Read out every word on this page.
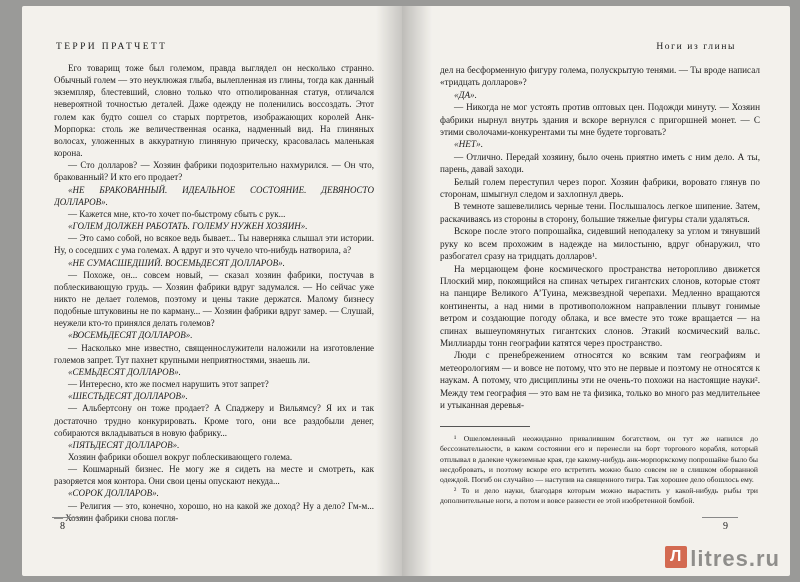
ТЕРРИ ПРАТЧЕТТ

Его товарищ тоже был големом, правда выглядел он несколько странно. Обычный голем — это неуклюжая глыба, вылепленная из глины, тогда как данный экземпляр, блестевший, словно только что отполированная статуя, отличался невероятной точностью деталей. Даже одежду не поленились воссоздать. Этот голем как будто сошел со старых портретов, изображающих королей Анк-Морпорка: столь же величественная осанка, надменный вид. На глиняных волосах, уложенных в аккуратную глиняную прическу, красовалась маленькая корона.

— Сто долларов? — Хозяин фабрики подозрительно нахмурился. — Он что, бракованный? И кто его продает?

«НЕ БРАКОВАННЫЙ. ИДЕАЛЬНОЕ СОСТОЯНИЕ. ДЕВЯНОСТО ДОЛЛАРОВ».

— Кажется мне, кто-то хочет по-быстрому сбыть с рук...

«ГОЛЕМ ДОЛЖЕН РАБОТАТЬ. ГОЛЕМУ НУЖЕН ХОЗЯИН».

— Это само собой, но всякое ведь бывает... Ты наверняка слышал эти истории. Ну, о соседших с ума големах. А вдруг и это чучело что-нибудь натворила, а?

«НЕ СУМАСШЕДШИЙ. ВОСЕМЬДЕСЯТ ДОЛЛАРОВ».

— Похоже, он... совсем новый, — сказал хозяин фабрики, постучав в поблескивающую грудь. — Хозяин фабрики вдруг задумался. — Но сейчас уже никто не делает големов, поэтому и цены такие держатся. Малому бизнесу подобные штуковины не по карману... — Хозяин фабрики вдруг замер. — Слушай, неужели кто-то принялся делать големов?

«ВОСЕМЬДЕСЯТ ДОЛЛАРОВ».

— Насколько мне известно, священнослужители наложили на изготовление големов запрет. Тут пахнет крупными неприятностями, знаешь ли.

«СЕМЬДЕСЯТ ДОЛЛАРОВ».

— Интересно, кто же посмел нарушить этот запрет?

«ШЕСТЬДЕСЯТ ДОЛЛАРОВ».

— Альбертсону он тоже продает? А Спаджеру и Вильямсу? Я их и так достаточно трудно конкурировать. Кроме того, они все раздобыли денег, собираются вкладываться в новую фабрику...

«ПЯТЬДЕСЯТ ДОЛЛАРОВ».

Хозяин фабрики обошел вокруг поблескивающего голема.

— Кошмарный бизнес. Не могу же я сидеть на месте и смотреть, как разоряется моя контора. Они свои цены опускают некуда...

«СОРОК ДОЛЛАРОВ».

— Религия — это, конечно, хорошо, но на какой же доход? Ну а дело? Гм-м... — Хозяин фабрики снова погля-

8
Ноги из глины

дел на бесформенную фигуру голема, полускрытую тенями. — Ты вроде написал «тридцать долларов»?

«ДА».

— Никогда не мог устоять против оптовых цен. Подожди минуту. — Хозяин фабрики нырнул внутрь здания и вскоре вернулся с пригоршней монет. — С этими сволочами-конкурентами ты мне будете торговать?

«НЕТ».

— Отлично. Передай хозяину, было очень приятно иметь с ним дело. А ты, парень, давай заходи.

Белый голем переступил через порог. Хозяин фабрики, воровато глянув по сторонам, шмыгнул следом и захлопнул дверь.

В темноте зашевелились черные тени. Послышалось легкое шипение. Затем, раскачиваясь из стороны в сторону, большие тяжелые фигуры стали удаляться.

Вскоре после этого попрошайка, сидевший неподалеку за углом и тянувший руку ко всем прохожим в надежде на милостыню, вдруг обнаружил, что разбогател сразу на тридцать долларов¹.

На мерцающем фоне космического пространства неторопливо движется Плоский мир, покоящийся на спинах четырех гигантских слонов, которые стоят на панцире Великого А’Туина, межзвездной черепахи. Медленно вращаются континенты, а над ними в противоположном направлении плывут гонимые ветром и создающие погоду облака, и все вместе это тоже вращается — на спинах вышеупомянутых гигантских слонов. Этакий космический вальс. Миллиарды тонн географии катятся через пространство.

Люди с пренебрежением относятся ко всяким там географиям и метеорологиям — и вовсе не потому, что это не первые и поэтому не относятся к наукам. А потому, что дисциплины эти не очень-то похожи на настоящие науки². Между тем география — это вам не та физика, только во много раз медлительнее и утыканная деревья-

¹ Ошеломленный неожиданно привалившим богатством, он тут же напился до бессознательности, в каком состоянии его и перенесли на борт торгового корабля, который отплывал в далекие чужеземные края, где какому-нибудь анк-морпоркскому попрошайке было бы несдобровать, и поэтому вскоре его встретить можно было совсем не в слишком оборванной одеждой. Погиб он случайно — наступив на священного тигра. Так хорошее дело обошлось ему.

² То и дело науки, благодаря которым можно вырастить у какой-нибудь рыбы три дополнительные ноги, а потом и вовсе разнести ее этой изобретенной бомбой.

9
Л litres.ru
